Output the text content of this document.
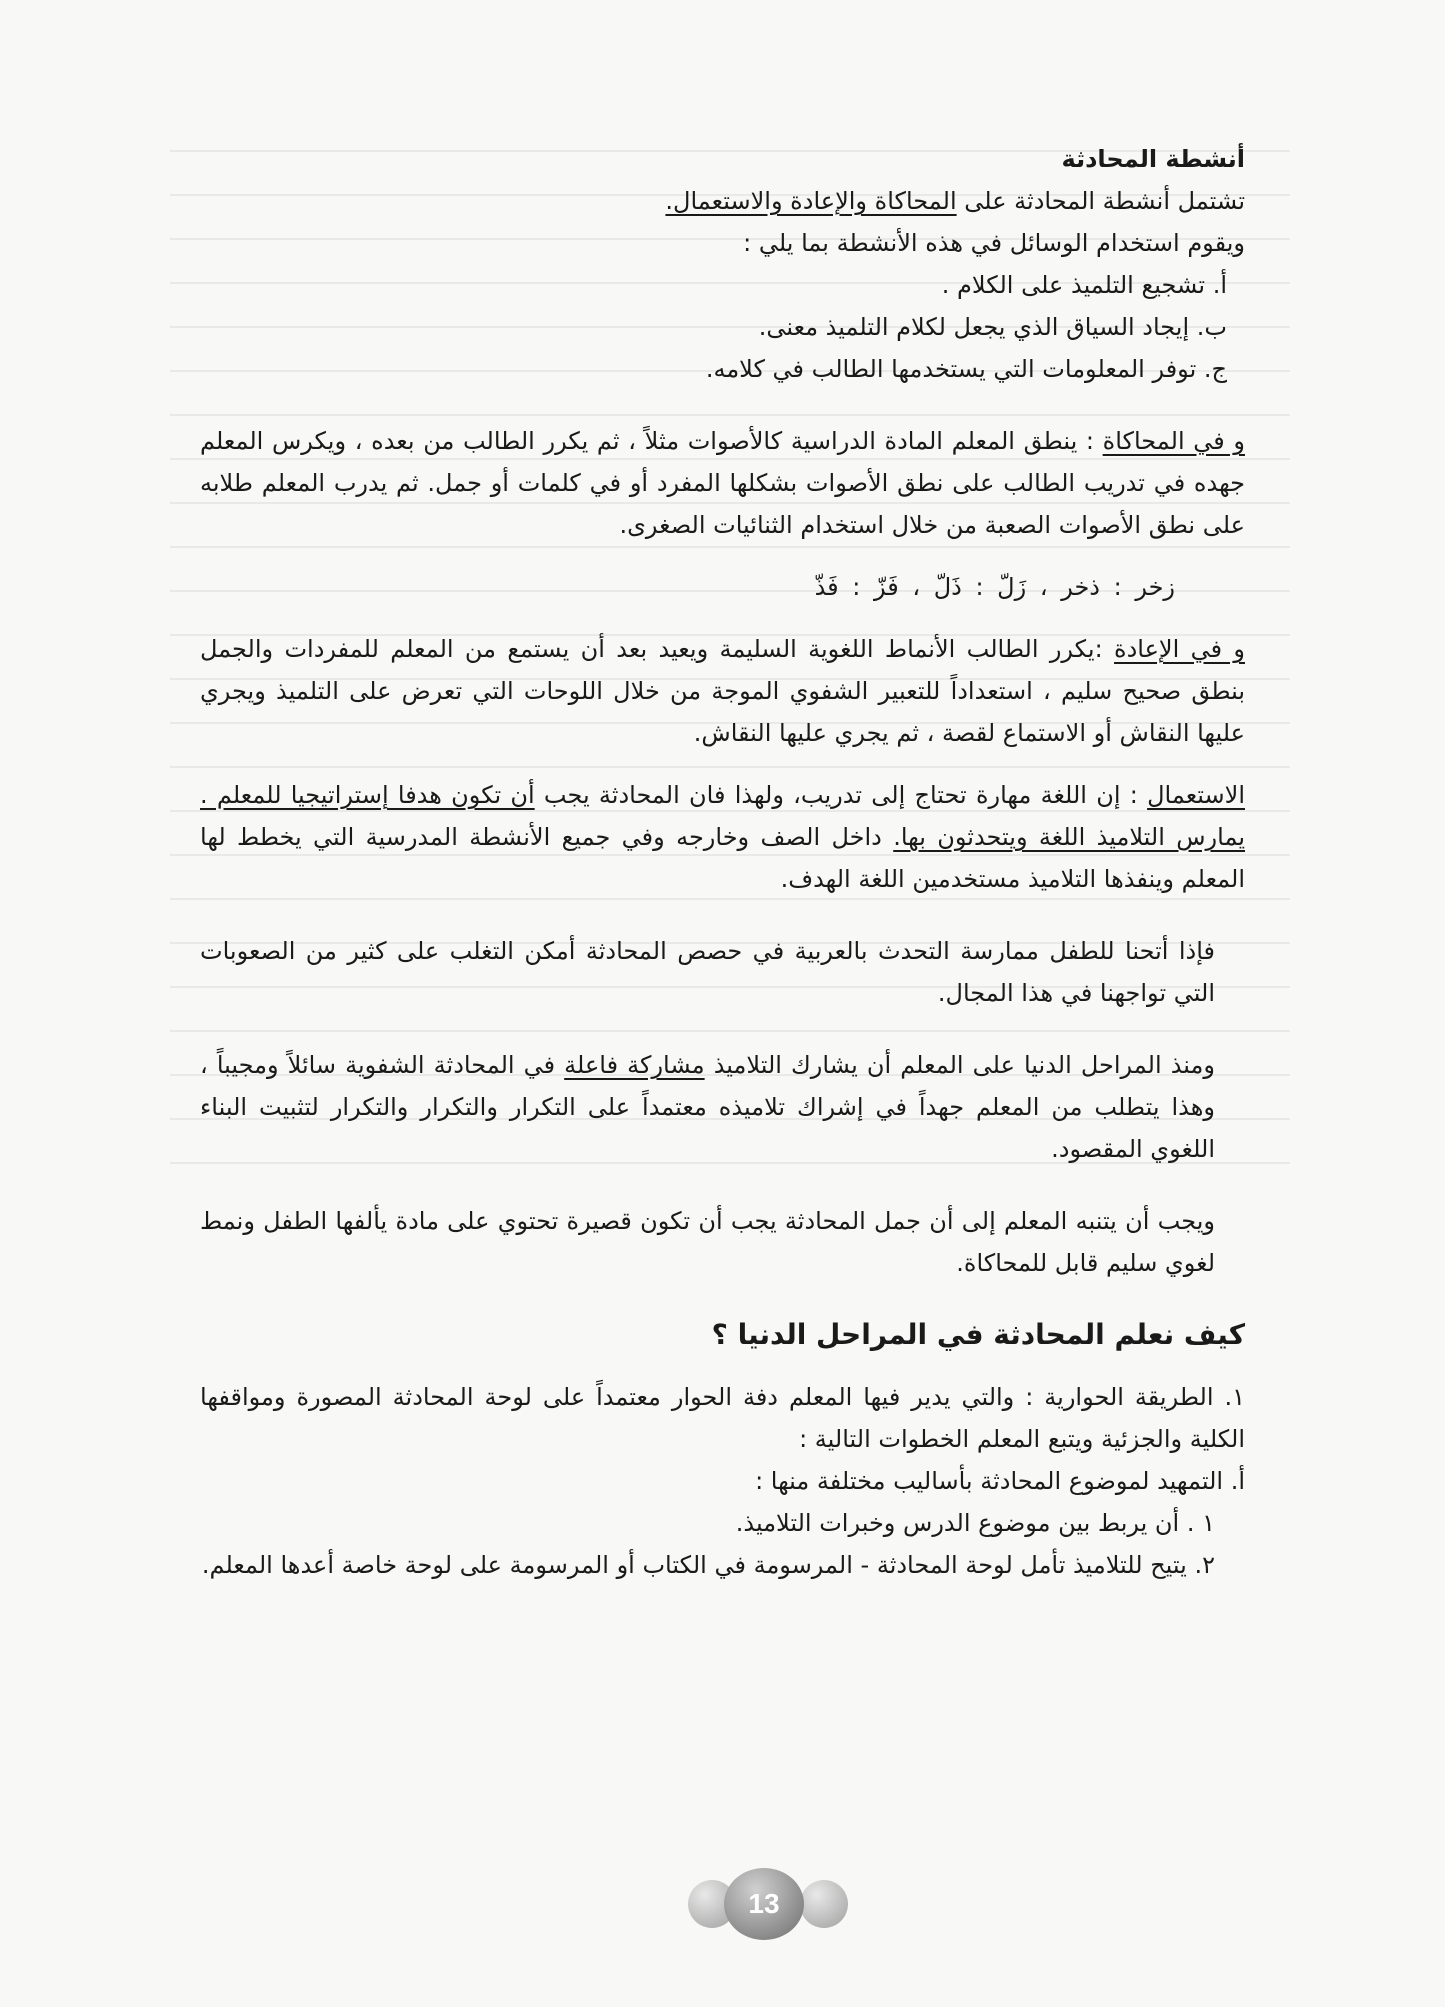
أنشطة المحادثة

تشتمل أنشطة المحادثة على المحاكاة والإعادة والاستعمال.

ويقوم استخدام الوسائل في هذه الأنشطة بما يلي :

أ. تشجيع التلميذ على الكلام .

ب. إيجاد السياق الذي يجعل لكلام التلميذ معنى.

ج. توفر المعلومات التي يستخدمها الطالب في كلامه.

و في المحاكاة : ينطق المعلم المادة الدراسية كالأصوات مثلاً ، ثم يكرر الطالب من بعده ، ويكرس المعلم جهده في تدريب الطالب على نطق الأصوات بشكلها المفرد أو في كلمات أو جمل. ثم يدرب المعلم طلابه على نطق الأصوات الصعبة من خلال استخدام الثنائيات الصغرى.

زخر : ذخر ، زَلّ : ذَلّ ، فَزّ : فَذّ

و في الإعادة :يكرر الطالب الأنماط اللغوية السليمة ويعيد بعد أن يستمع من المعلم للمفردات والجمل بنطق صحيح سليم ، استعداداً للتعبير الشفوي الموجة من خلال اللوحات التي تعرض على التلميذ ويجري عليها النقاش أو الاستماع لقصة ، ثم يجري عليها النقاش.

الاستعمال : إن اللغة مهارة تحتاج إلى تدريب، ولهذا فان المحادثة يجب أن تكون هدفا إستراتيجيا للمعلم . يمارس التلاميذ اللغة ويتحدثون بها. داخل الصف وخارجه وفي جميع الأنشطة المدرسية التي يخطط لها المعلم وينفذها التلاميذ مستخدمين اللغة الهدف.

فإذا أتحنا للطفل ممارسة التحدث بالعربية في حصص المحادثة أمكن التغلب على كثير من الصعوبات التي تواجهنا في هذا المجال.

ومنذ المراحل الدنيا على المعلم أن يشارك التلاميذ مشاركة فاعلة في المحادثة الشفوية سائلاً ومجيباً ، وهذا يتطلب من المعلم جهداً في إشراك تلاميذه معتمداً على التكرار والتكرار والتكرار لتثبيت البناء اللغوي المقصود.

ويجب أن يتنبه المعلم إلى أن جمل المحادثة يجب أن تكون قصيرة تحتوي على مادة يألفها الطفل ونمط لغوي سليم قابل للمحاكاة.

كيف نعلم المحادثة في المراحل الدنيا ؟

١. الطريقة الحوارية : والتي يدير فيها المعلم دفة الحوار معتمداً على لوحة المحادثة المصورة ومواقفها الكلية والجزئية ويتبع المعلم الخطوات التالية :

أ. التمهيد لموضوع المحادثة بأساليب مختلفة منها :

١ . أن يربط بين موضوع الدرس وخبرات التلاميذ.

٢. يتيح للتلاميذ تأمل لوحة المحادثة - المرسومة في الكتاب أو المرسومة على لوحة خاصة أعدها المعلم.

13
